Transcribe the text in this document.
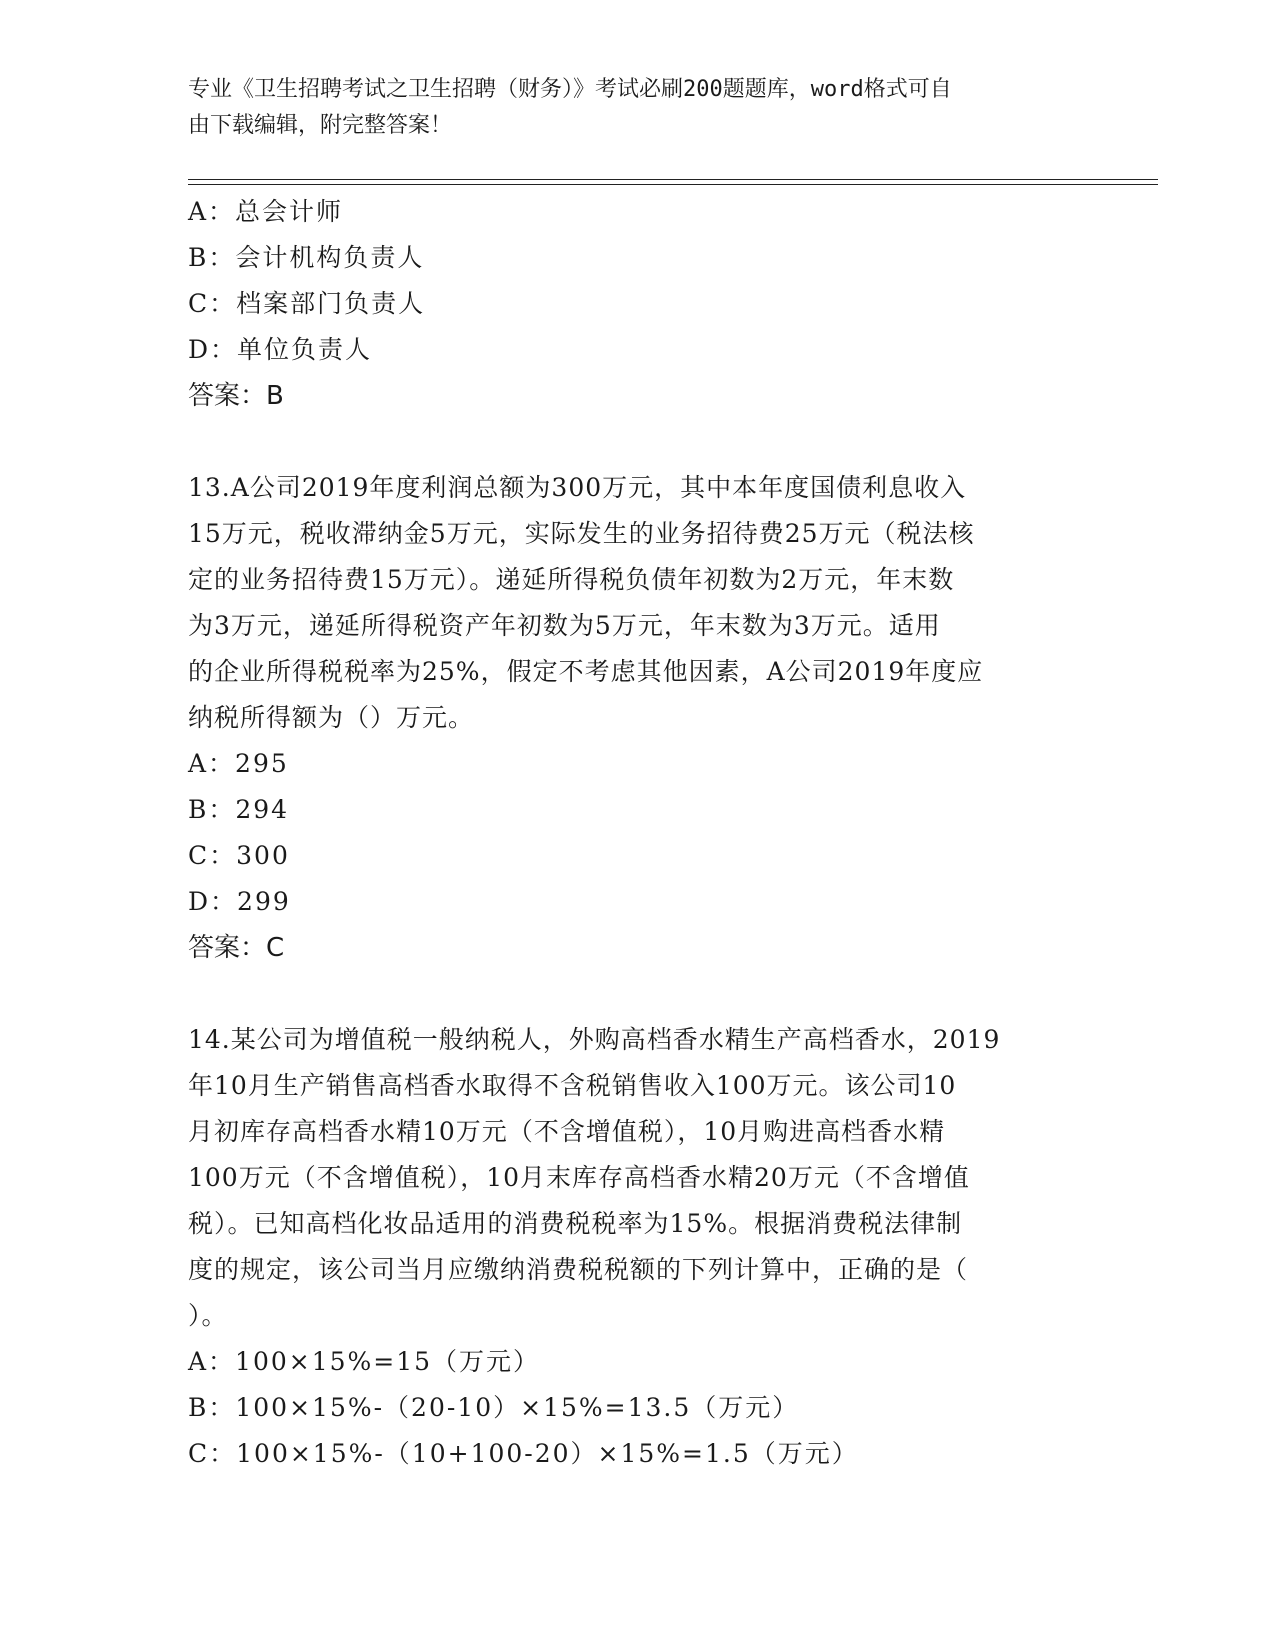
专业《卫生招聘考试之卫生招聘（财务）》考试必刷200题题库，word格式可自
由下载编辑，附完整答案！
A：总会计师
B：会计机构负责人
C：档案部门负责人
D：单位负责人
答案：B
13.A公司2019年度利润总额为300万元，其中本年度国债利息收入
15万元，税收滞纳金5万元，实际发生的业务招待费25万元（税法核
定的业务招待费15万元）。递延所得税负债年初数为2万元，年末数
为3万元，递延所得税资产年初数为5万元，年末数为3万元。适用
的企业所得税税率为25%，假定不考虑其他因素，A公司2019年度应
纳税所得额为（）万元。
A：295
B：294
C：300
D：299
答案：C
14.某公司为增值税一般纳税人，外购高档香水精生产高档香水，2019
年10月生产销售高档香水取得不含税销售收入100万元。该公司10
月初库存高档香水精10万元（不含增值税），10月购进高档香水精
100万元（不含增值税），10月末库存高档香水精20万元（不含增值
税）。已知高档化妆品适用的消费税税率为15%。根据消费税法律制
度的规定，该公司当月应缴纳消费税税额的下列计算中，正确的是（
）。
A：100×15%=15（万元）
B：100×15%-（20-10）×15%=13.5（万元）
C：100×15%-（10+100-20）×15%=1.5（万元）
